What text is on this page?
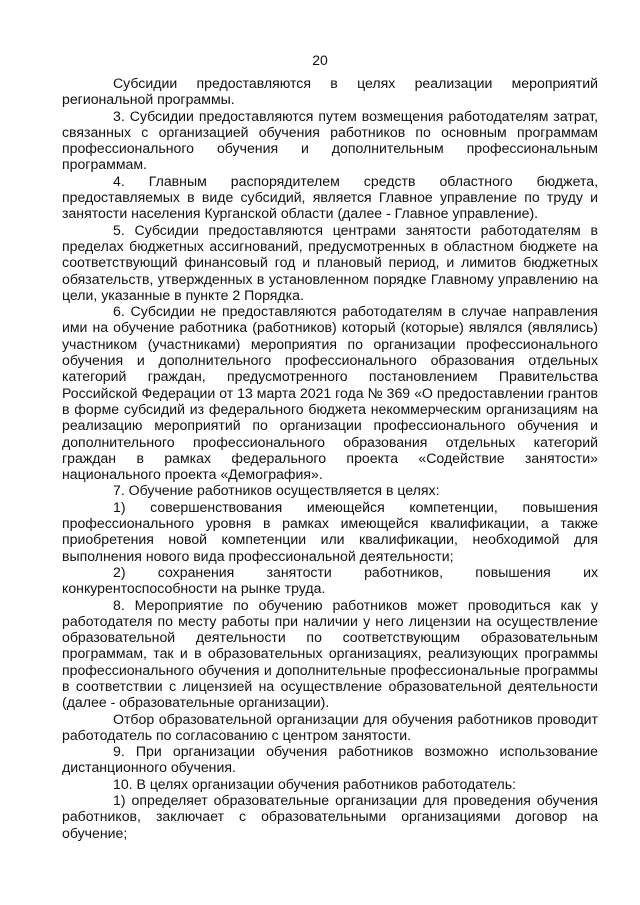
20

Субсидии предоставляются в целях реализации мероприятий региональной программы.

3. Субсидии предоставляются путем возмещения работодателям затрат, связанных с организацией обучения работников по основным программам профессионального обучения и дополнительным профессиональным программам.

4. Главным распорядителем средств областного бюджета, предоставляемых в виде субсидий, является Главное управление по труду и занятости населения Курганской области (далее - Главное управление).

5. Субсидии предоставляются центрами занятости работодателям в пределах бюджетных ассигнований, предусмотренных в областном бюджете на соответствующий финансовый год и плановый период, и лимитов бюджетных обязательств, утвержденных в установленном порядке Главному управлению на цели, указанные в пункте 2 Порядка.

6. Субсидии не предоставляются работодателям в случае направления ими на обучение работника (работников) который (которые) являлся (являлись) участником (участниками) мероприятия по организации профессионального обучения и дополнительного профессионального образования отдельных категорий граждан, предусмотренного постановлением Правительства Российской Федерации от 13 марта 2021 года № 369 «О предоставлении грантов в форме субсидий из федерального бюджета некоммерческим организациям на реализацию мероприятий по организации профессионального обучения и дополнительного профессионального образования отдельных категорий граждан в рамках федерального проекта «Содействие занятости» национального проекта «Демография».

7. Обучение работников осуществляется в целях:

1) совершенствования имеющейся компетенции, повышения профессионального уровня в рамках имеющейся квалификации, а также приобретения новой компетенции или квалификации, необходимой для выполнения нового вида профессиональной деятельности;

2) сохранения занятости работников, повышения их конкурентоспособности на рынке труда.

8. Мероприятие по обучению работников может проводиться как у работодателя по месту работы при наличии у него лицензии на осуществление образовательной деятельности по соответствующим образовательным программам, так и в образовательных организациях, реализующих программы профессионального обучения и дополнительные профессиональные программы в соответствии с лицензией на осуществление образовательной деятельности (далее - образовательные организации).

Отбор образовательной организации для обучения работников проводит работодатель по согласованию с центром занятости.

9. При организации обучения работников возможно использование дистанционного обучения.

10. В целях организации обучения работников работодатель:

1) определяет образовательные организации для проведения обучения работников, заключает с образовательными организациями договор на обучение;
